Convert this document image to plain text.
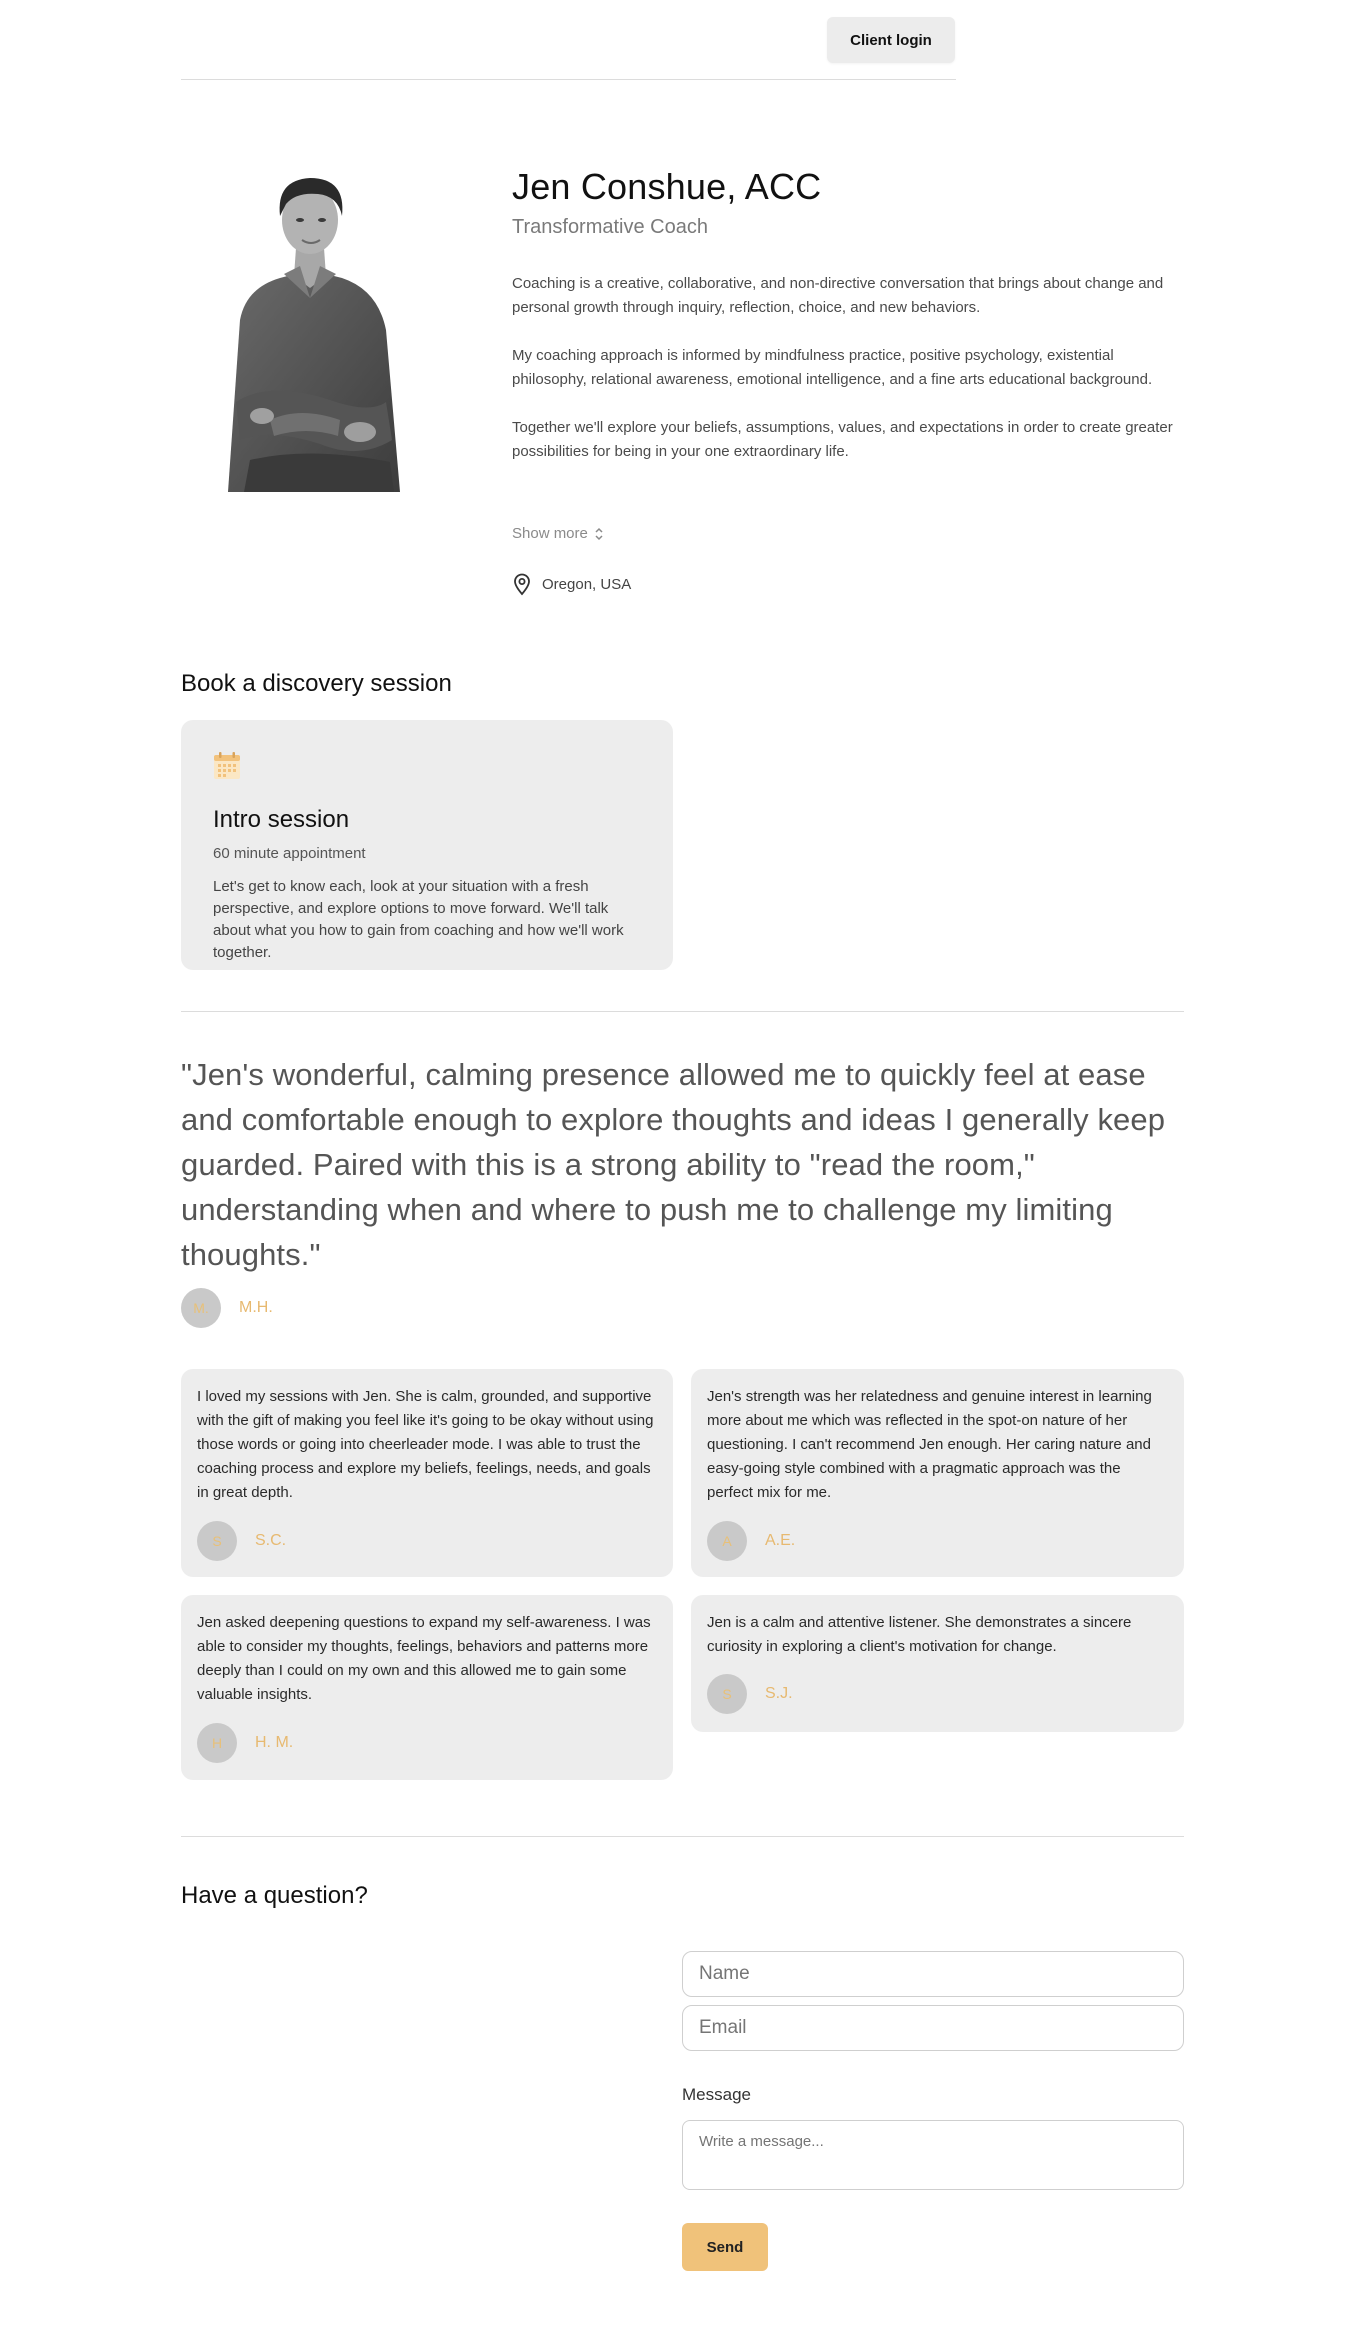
Client login
Jen Conshue, ACC
Transformative Coach

Coaching is a creative, collaborative, and non-directive conversation that brings about change and personal growth through inquiry, reflection, choice, and new behaviors.

My coaching approach is informed by mindfulness practice, positive psychology, existential philosophy, relational awareness, emotional intelligence, and a fine arts educational background.

Together we'll explore your beliefs, assumptions, values, and expectations in order to create greater possibilities for being in your one extraordinary life.

Show more
Oregon, USA
Book a discovery session
Intro session
60 minute appointment
Let's get to know each, look at your situation with a fresh perspective, and explore options to move forward. We'll talk about what you how to gain from coaching and how we'll work together.
"Jen's wonderful, calming presence allowed me to quickly feel at ease and comfortable enough to explore thoughts and ideas I generally keep guarded. Paired with this is a strong ability to "read the room," understanding when and where to push me to challenge my limiting thoughts."
M.	M.H.
I loved my sessions with Jen. She is calm, grounded, and supportive with the gift of making you feel like it's going to be okay without using those words or going into cheerleader mode. I was able to trust the coaching process and explore my beliefs, feelings, needs, and goals in great depth.
S	S.C.
Jen's strength was her relatedness and genuine interest in learning more about me which was reflected in the spot-on nature of her questioning. I can't recommend Jen enough. Her caring nature and easy-going style combined with a pragmatic approach was the perfect mix for me.
A	A.E.
Jen asked deepening questions to expand my self-awareness. I was able to consider my thoughts, feelings, behaviors and patterns more deeply than I could on my own and this allowed me to gain some valuable insights.
H	H. M.
Jen is a calm and attentive listener. She demonstrates a sincere curiosity in exploring a client's motivation for change.
S	S.J.
Have a question?
Name
Email
Message
Write a message...
Send
